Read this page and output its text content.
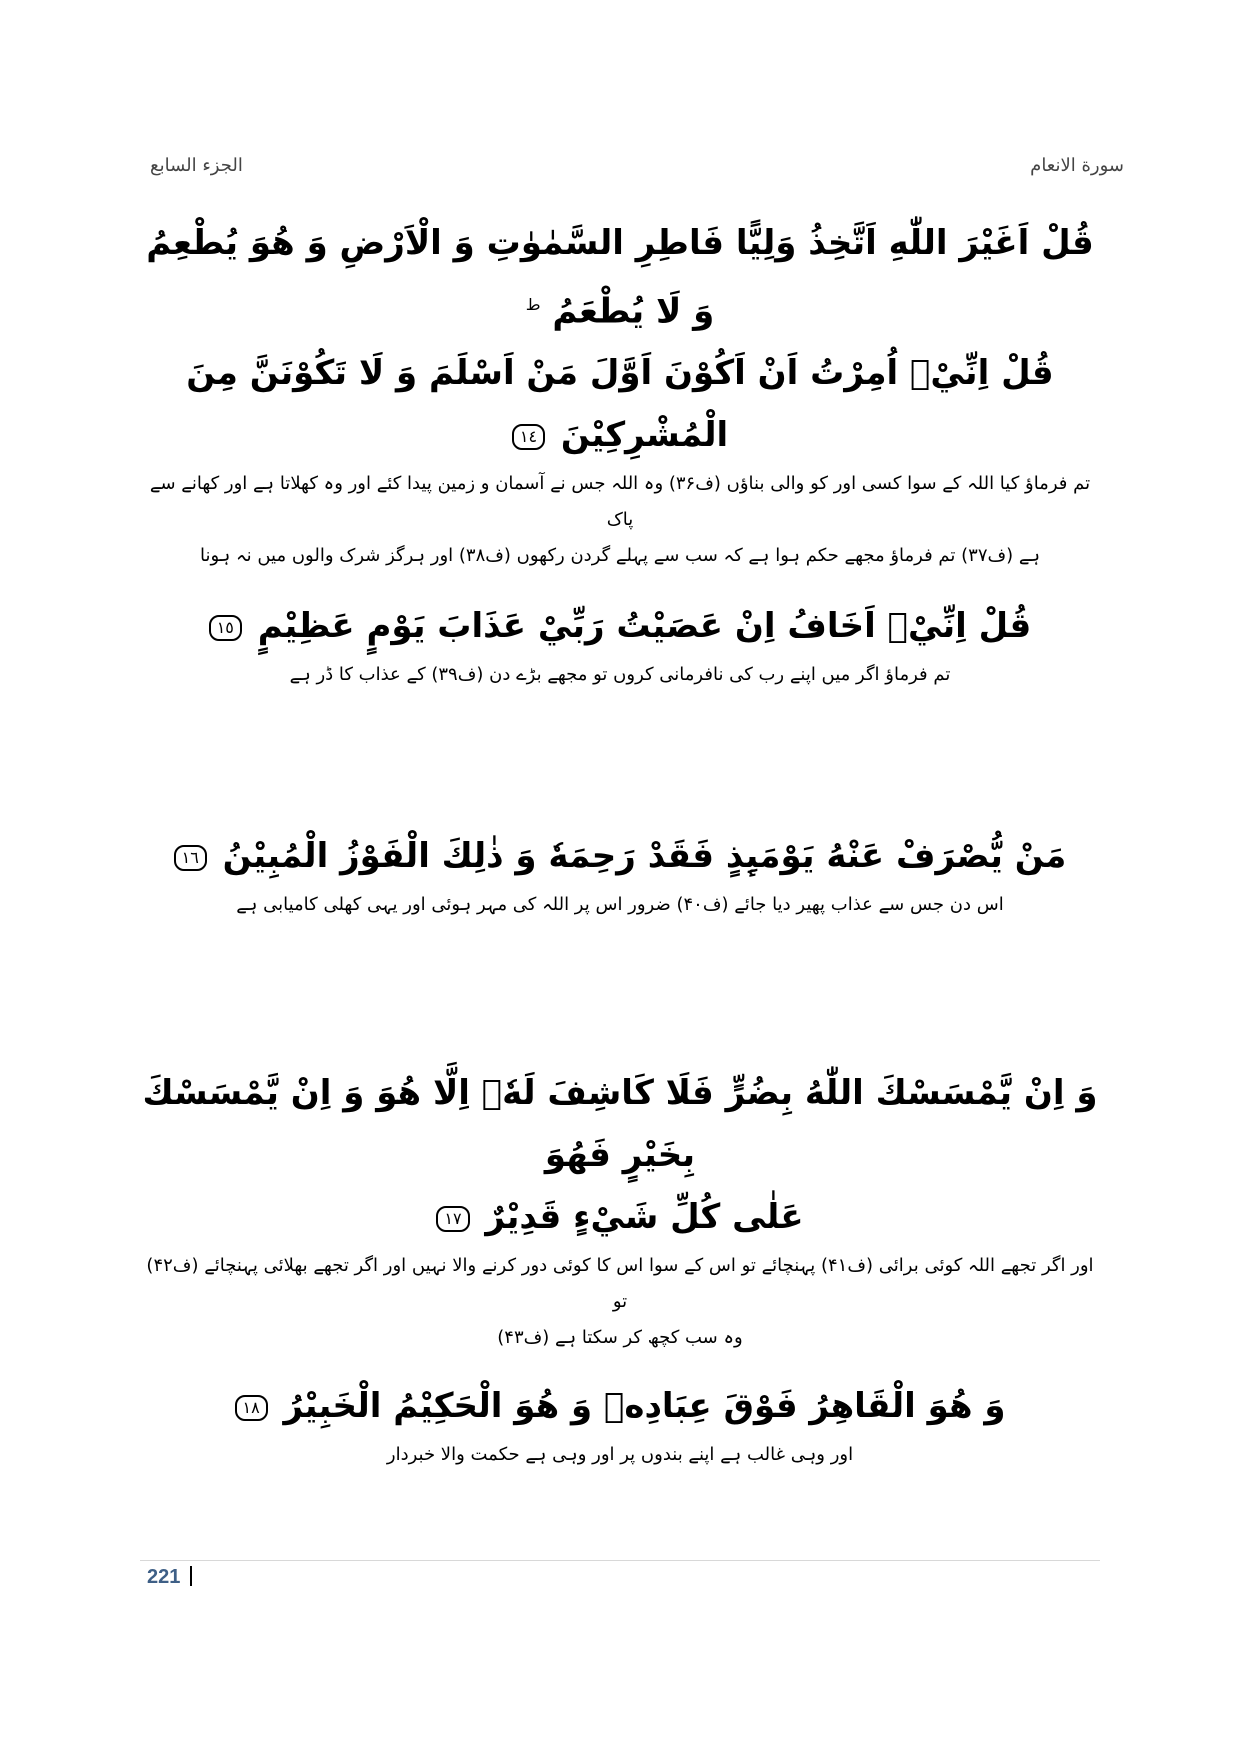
الجزء السابع	سورة الانعام
قُلْ اَغَيْرَ اللّٰهِ اَتَّخِذُ وَلِيًّا فَاطِرِ السَّمٰوٰتِ وَ الْاَرْضِ وَ هُوَ يُطْعِمُ وَ لَا يُطْعَمُ $^ط$
قُلْ اِنِّيْۤ اُمِرْتُ اَنْ اَكُوْنَ اَوَّلَ مَنْ اَسْلَمَ وَ لَا تَكُوْنَنَّ مِنَ الْمُشْرِكِيْنَ ١٤
تم فرماؤ کیا اللہ کے سوا کسی اور کو والی بناؤں (ف۳۶) وہ اللہ جس نے آسمان و زمین پیدا کئے اور وہ کھلاتا ہے اور کھانے سے پاک
ہے (ف۳۷) تم فرماؤ مجھے حکم ہوا ہے کہ سب سے پہلے گردن رکھوں (ف۳۸) اور ہرگز شرک والوں میں نہ ہونا
قُلْ اِنِّيْۤ اَخَافُ اِنْ عَصَيْتُ رَبِّيْ عَذَابَ يَوْمٍ عَظِيْمٍ ١٥
تم فرماؤ اگر میں اپنے رب کی نافرمانی کروں تو مجھے بڑے دن (ف۳۹) کے عذاب کا ڈر ہے
مَنْ يُّصْرَفْ عَنْهُ يَوْمَىِٕذٍ فَقَدْ رَحِمَهٗ وَ ذٰلِكَ الْفَوْزُ الْمُبِيْنُ ١٦
اس دن جس سے عذاب پھیر دیا جائے (ف۴۰) ضرور اس پر اللہ کی مہر ہوئی اور یہی کھلی کامیابی ہے
وَ اِنْ يَّمْسَسْكَ اللّٰهُ بِضُرٍّ فَلَا كَاشِفَ لَهٗۤ اِلَّا هُوَ وَ اِنْ يَّمْسَسْكَ بِخَيْرٍ فَهُوَ
عَلٰى كُلِّ شَيْءٍ قَدِيْرٌ ١٧
اور اگر تجھے اللہ کوئی برائی (ف۴۱) پہنچائے تو اس کے سوا اس کا کوئی دور کرنے والا نہیں اور اگر تجھے بھلائی پہنچائے (ف۴۲) تو
وہ سب کچھ کر سکتا ہے (ف۴۳)
وَ هُوَ الْقَاهِرُ فَوْقَ عِبَادِهٖ وَ هُوَ الْحَكِيْمُ الْخَبِيْرُ ١٨
اور وہی غالب ہے اپنے بندوں پر اور وہی ہے حکمت والا خبردار
221
